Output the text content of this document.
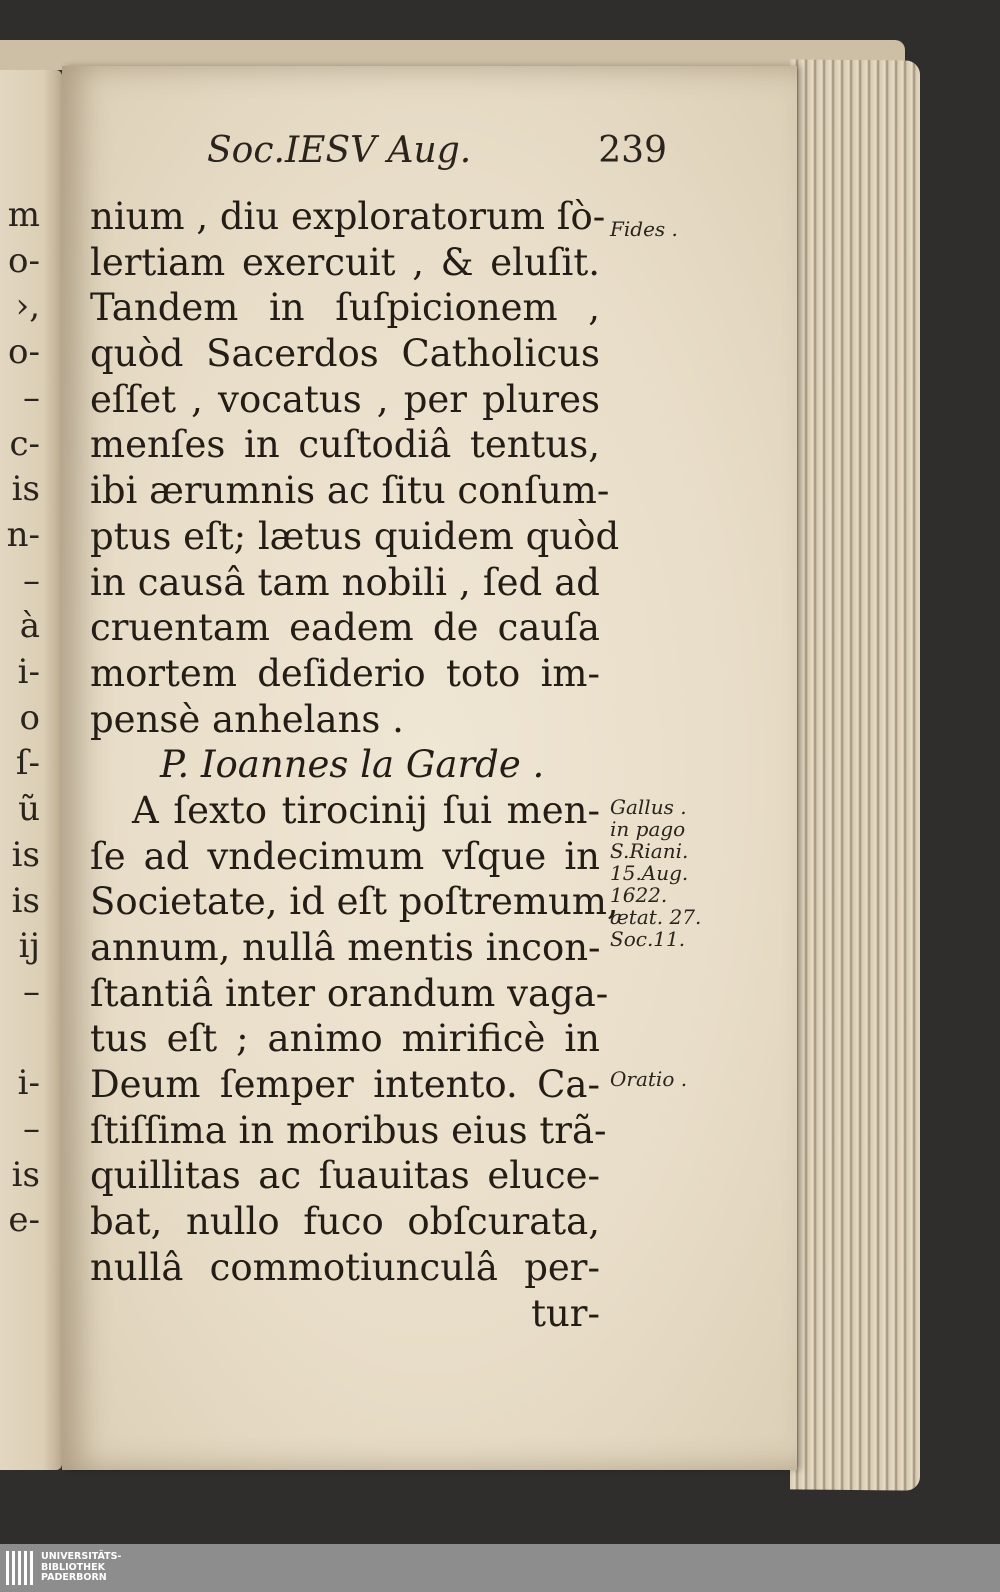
m
o-
›,
o-
–
c-
is
n-
–
à
i-
o
ſ-
ũ
is
is
ij
–
i-
–
is
e-
Soc.IESV Aug.	239
nium , diu exploratorum ſò-
lertiam exercuit , & eluſit.
Tandem in ſuſpicionem ,
quòd Sacerdos Catholicus
eſſet , vocatus , per plures
menſes in cuſtodiâ tentus,
ibi ærumnis ac ſitu conſum-
ptus eſt; lætus quidem quòd
in causâ tam nobili , ſed ad
cruentam eadem de cauſa
mortem deſiderio toto im-
pensè anhelans .
P. Ioannes la Garde .
A ſexto tirocinij ſui men-
ſe ad vndecimum vſque in
Societate, id eſt poſtremum,
annum, nullâ mentis incon-
ſtantiâ inter orandum vaga-
tus eſt ; animo mirificè in
Deum ſemper intento. Ca-
ſtiſſima in moribus eius trã-
quillitas ac ſuauitas eluce-
bat, nullo fuco obſcurata,
nullâ commotiunculâ per-
tur-
Fides .
Gallus .
in pago
S.Riani.
15.Aug.
1622.
ætat. 27.
Soc.11.
Oratio .
UNIVERSITÄTS-
BIBLIOTHEK
PADERBORN
